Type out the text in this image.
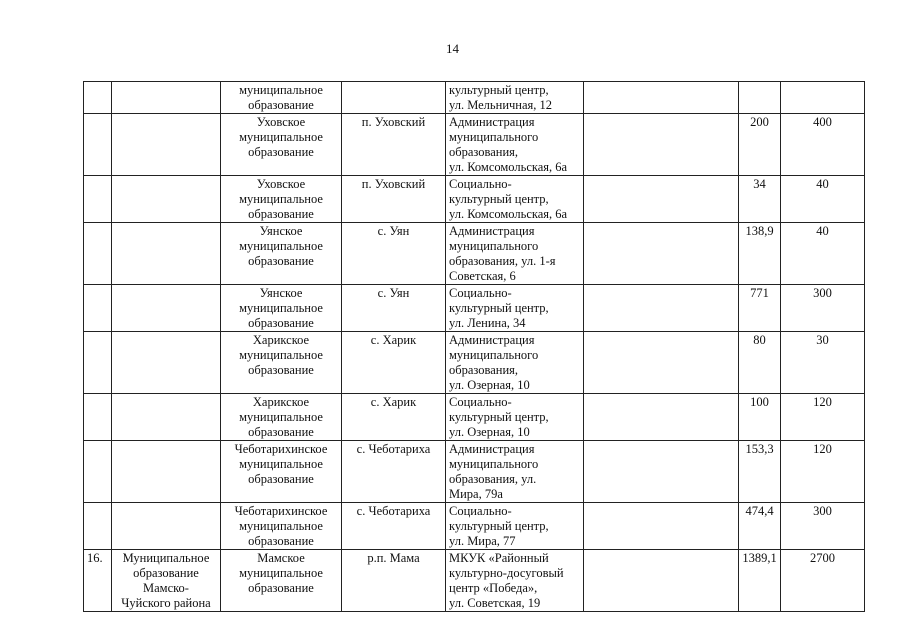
14

		муниципальное
образование		культурный центр,
ул. Мельничная, 12			

		Уховское
муниципальное
образование	п. Уховский	Администрация
муниципального
образования,
ул. Комсомольская, 6а		200	400

		Уховское
муниципальное
образование	п. Уховский	Социально-
культурный центр,
ул. Комсомольская, 6а		34	40

		Уянское
муниципальное
образование	с. Уян	Администрация
муниципального
образования, ул. 1-я
Советская, 6		138,9	40

		Уянское
муниципальное
образование	с. Уян	Социально-
культурный центр,
ул. Ленина, 34		771	300

		Харикское
муниципальное
образование	с. Харик	Администрация
муниципального
образования,
ул. Озерная, 10		80	30

		Харикское
муниципальное
образование	с. Харик	Социально-
культурный центр,
ул. Озерная, 10		100	120

		Чеботарихинское
муниципальное
образование	с. Чеботариха	Администрация
муниципального
образования, ул.
Мира, 79а		153,3	120

		Чеботарихинское
муниципальное
образование	с. Чеботариха	Социально-
культурный центр,
ул. Мира, 77		474,4	300

16.	Муниципальное
образование
Мамско-
Чуйского района	Мамское
муниципальное
образование	р.п. Мама	МКУК «Районный
культурно-досуговый
центр «Победа»,
ул. Советская, 19		1389,1	2700
